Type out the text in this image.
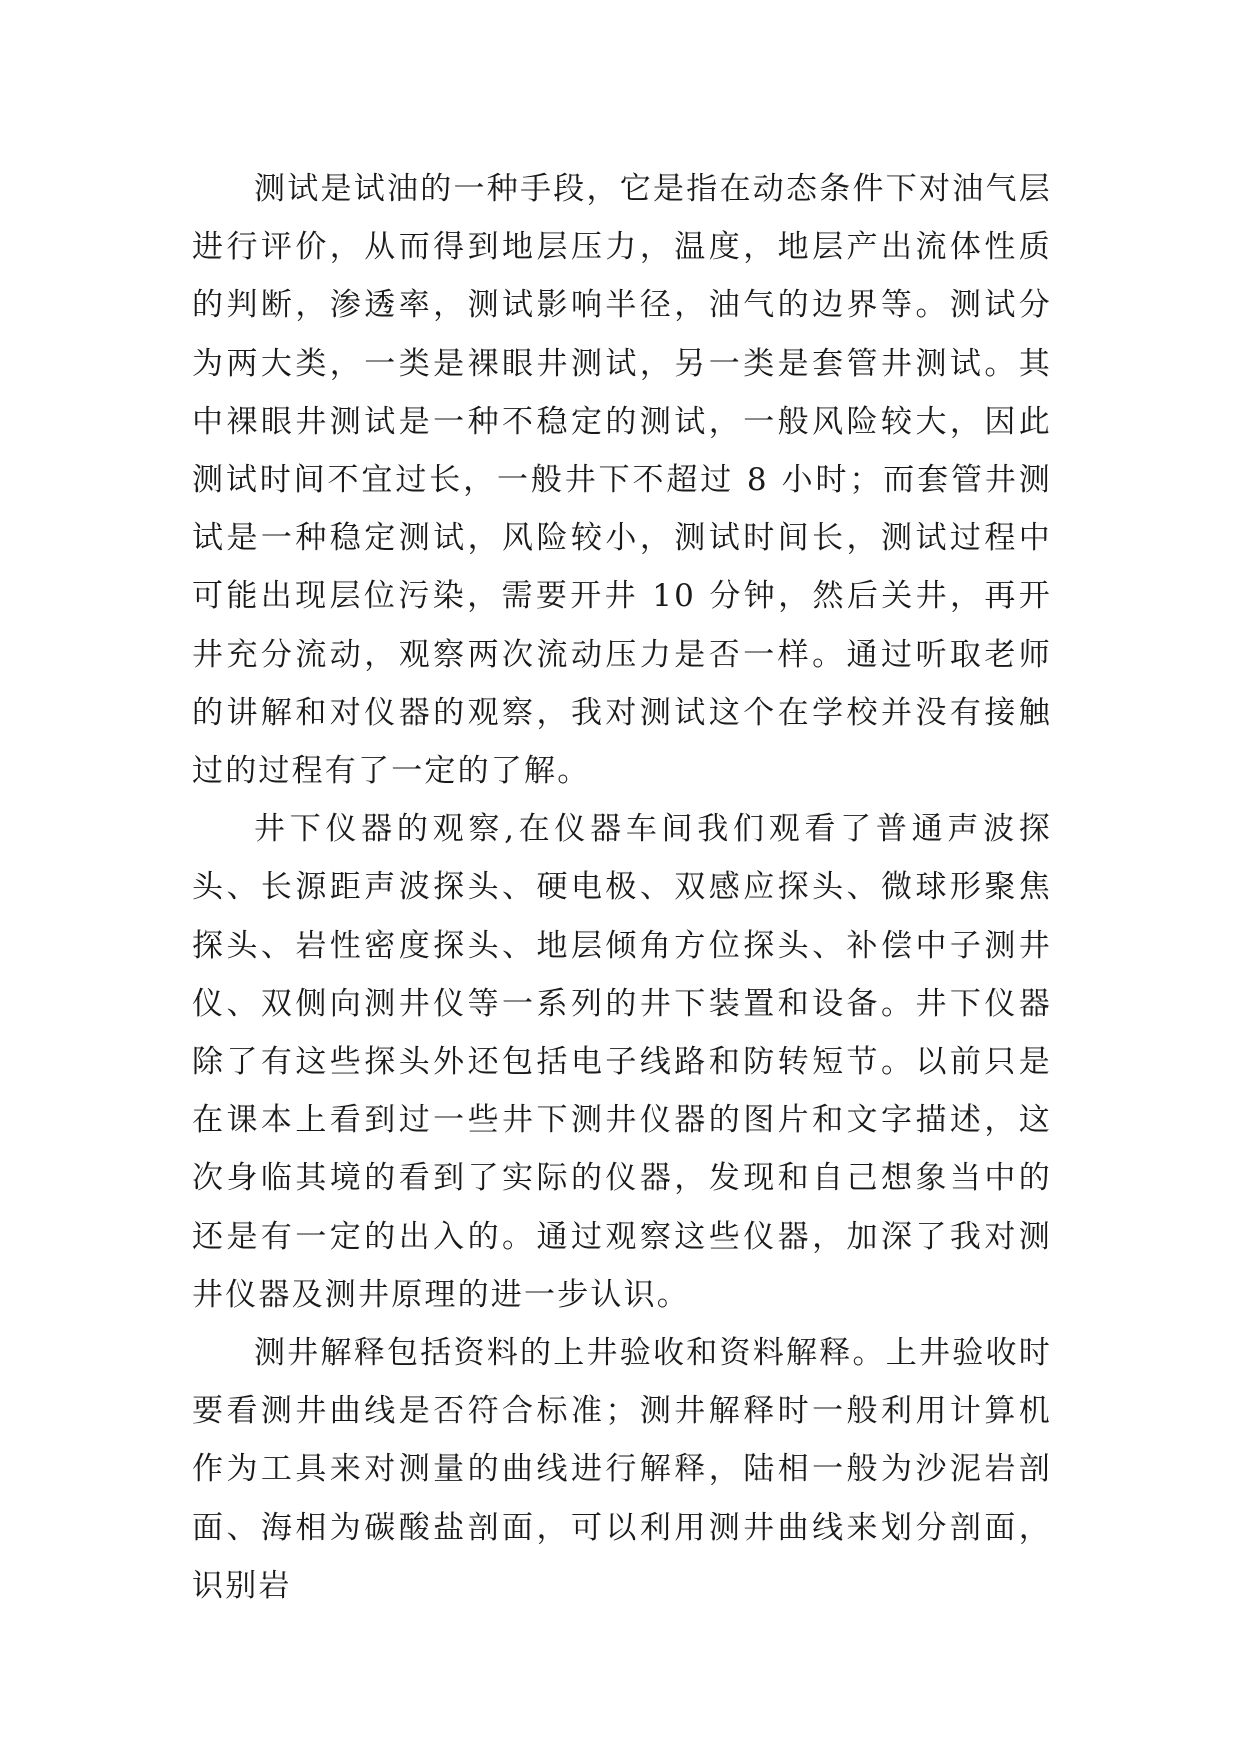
测试是试油的一种手段，它是指在动态条件下对油气层进行评价，从而得到地层压力，温度，地层产出流体性质的判断，渗透率，测试影响半径，油气的边界等。测试分为两大类，一类是裸眼井测试，另一类是套管井测试。其中裸眼井测试是一种不稳定的测试，一般风险较大，因此测试时间不宜过长，一般井下不超过 8 小时；而套管井测试是一种稳定测试，风险较小，测试时间长，测试过程中可能出现层位污染，需要开井 10 分钟，然后关井，再开井充分流动，观察两次流动压力是否一样。通过听取老师的讲解和对仪器的观察，我对测试这个在学校并没有接触过的过程有了一定的了解。

井下仪器的观察,在仪器车间我们观看了普通声波探头、长源距声波探头、硬电极、双感应探头、微球形聚焦探头、岩性密度探头、地层倾角方位探头、补偿中子测井仪、双侧向测井仪等一系列的井下装置和设备。井下仪器除了有这些探头外还包括电子线路和防转短节。以前只是在课本上看到过一些井下测井仪器的图片和文字描述，这次身临其境的看到了实际的仪器，发现和自己想象当中的还是有一定的出入的。通过观察这些仪器，加深了我对测井仪器及测井原理的进一步认识。

测井解释包括资料的上井验收和资料解释。上井验收时要看测井曲线是否符合标准；测井解释时一般利用计算机作为工具来对测量的曲线进行解释，陆相一般为沙泥岩剖面、海相为碳酸盐剖面，可以利用测井曲线来划分剖面，识别岩
